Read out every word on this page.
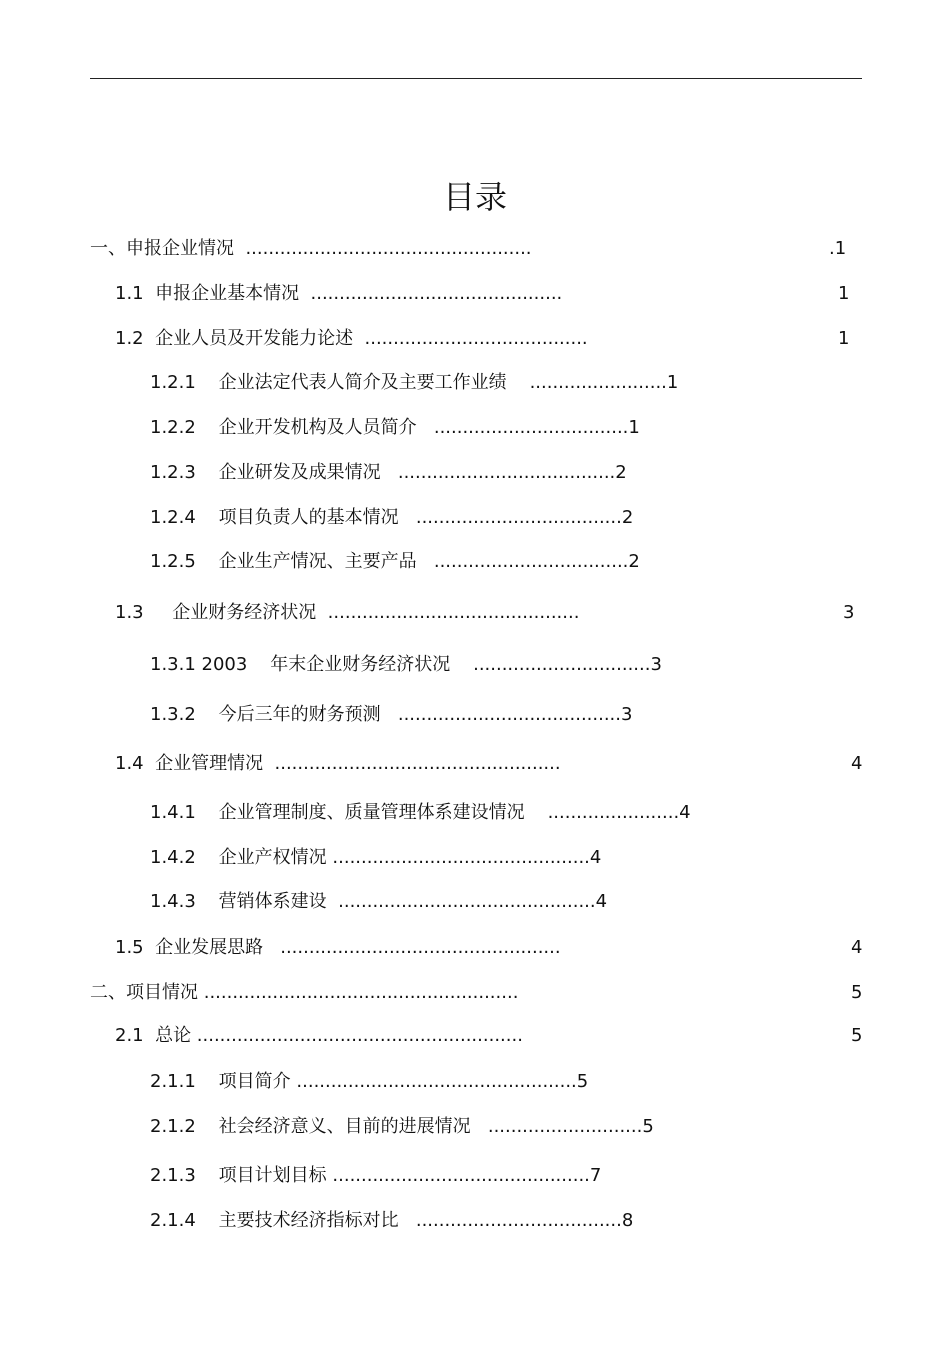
目录
一、申报企业情况  ..................................................	.1
1.1  申报企业基本情况  ............................................	1
1.2  企业人员及开发能力论述  .......................................	1
1.2.1    企业法定代表人简介及主要工作业绩    ........................1
1.2.2    企业开发机构及人员简介   ..................................1
1.2.3    企业研发及成果情况   ......................................2
1.2.4    项目负责人的基本情况   ....................................2
1.2.5    企业生产情况、主要产品   ..................................2
1.3     企业财务经济状况  ............................................	3
1.3.1 2003    年末企业财务经济状况    ...............................3
1.3.2    今后三年的财务预测   .......................................3
1.4  企业管理情况  ..................................................	4
1.4.1    企业管理制度、质量管理体系建设情况    .......................4
1.4.2    企业产权情况 .............................................4
1.4.3    营销体系建设  .............................................4
1.5  企业发展思路   .................................................	4
二、项目情况 .......................................................	5
2.1  总论 .........................................................	5
2.1.1    项目简介 .................................................5
2.1.2    社会经济意义、目前的进展情况   ...........................5
2.1.3    项目计划目标 .............................................7
2.1.4    主要技术经济指标对比   ....................................8
